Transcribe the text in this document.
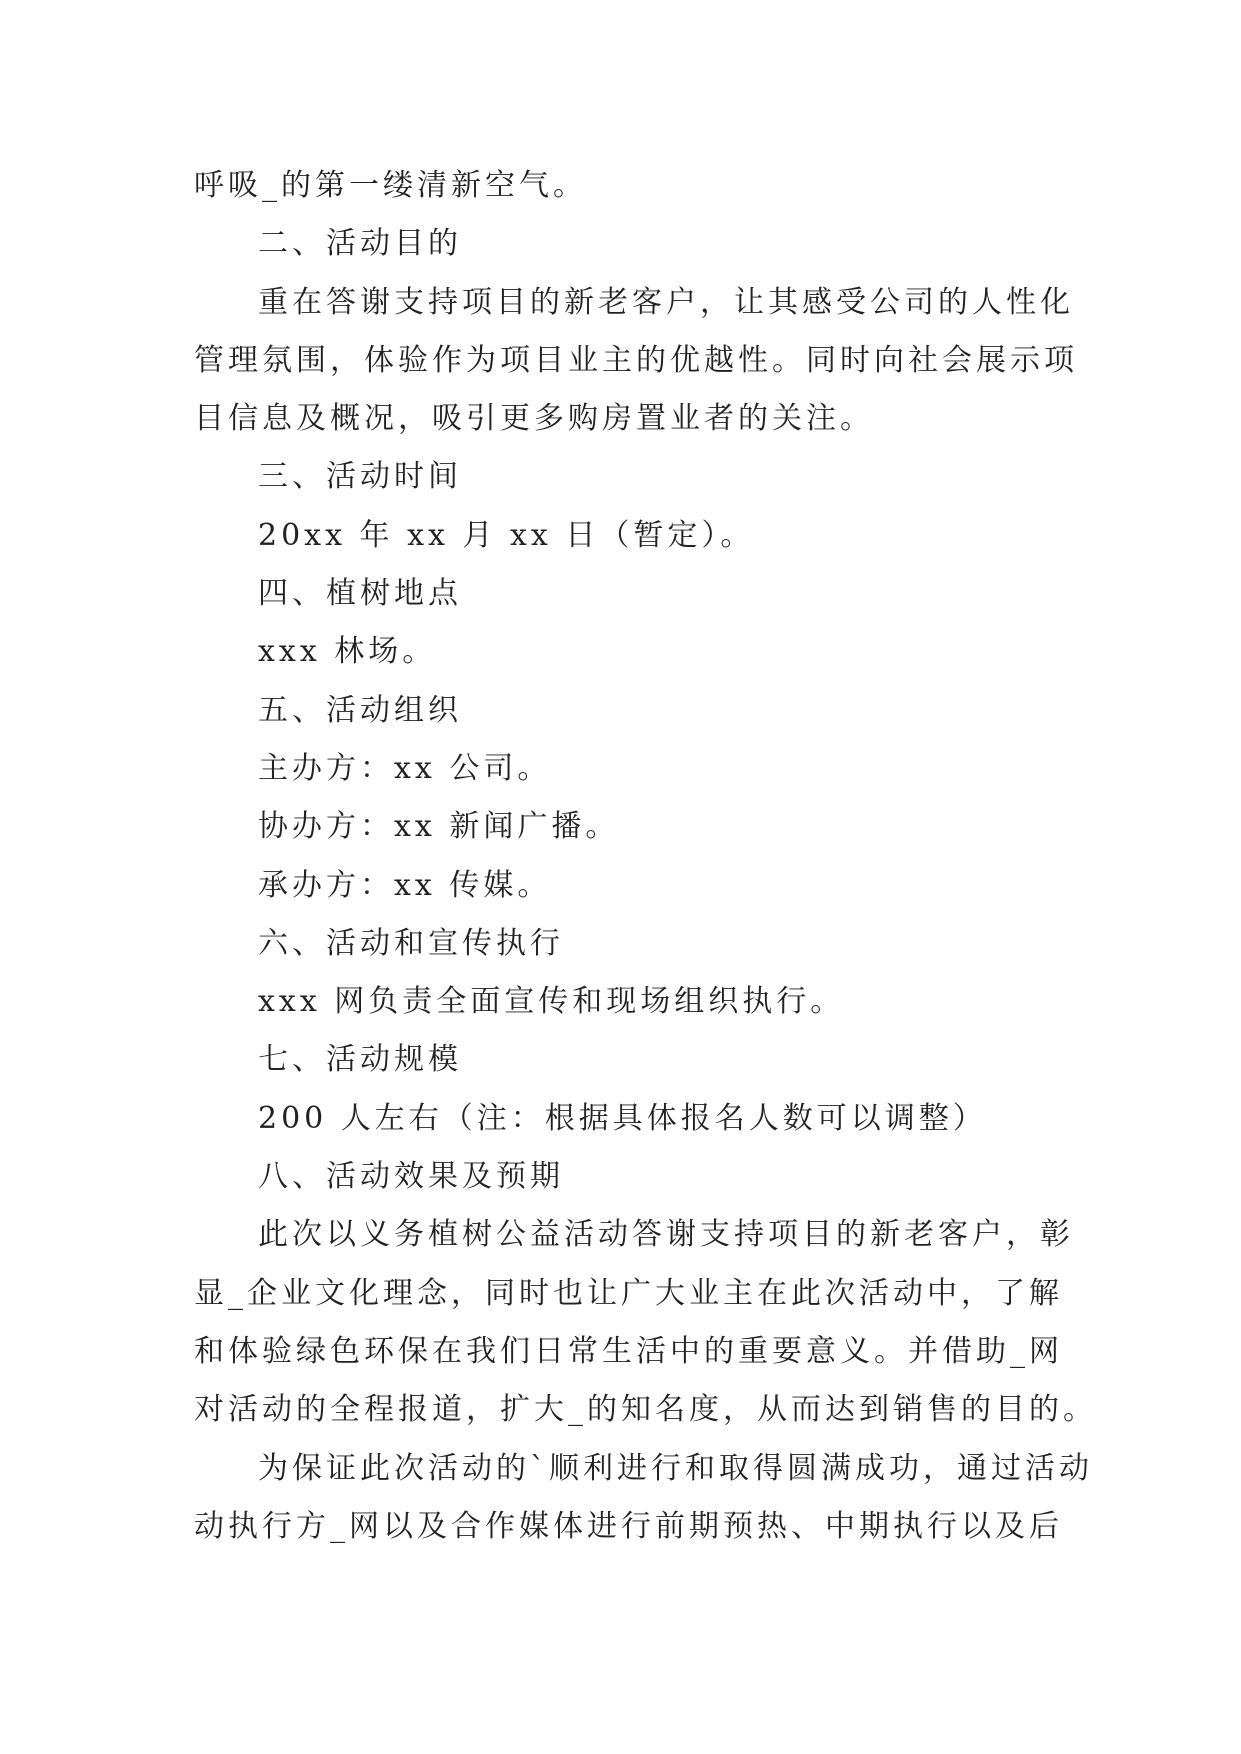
呼吸_的第一缕清新空气。
二、活动目的
重在答谢支持项目的新老客户，让其感受公司的人性化
管理氛围，体验作为项目业主的优越性。同时向社会展示项
目信息及概况，吸引更多购房置业者的关注。
三、活动时间
20xx 年 xx 月 xx 日（暂定）。
四、植树地点
xxx 林场。
五、活动组织
主办方：xx 公司。
协办方：xx 新闻广播。
承办方：xx 传媒。
六、活动和宣传执行
xxx 网负责全面宣传和现场组织执行。
七、活动规模
200 人左右（注：根据具体报名人数可以调整）
八、活动效果及预期
此次以义务植树公益活动答谢支持项目的新老客户，彰
显_企业文化理念，同时也让广大业主在此次活动中，了解
和体验绿色环保在我们日常生活中的重要意义。并借助_网
对活动的全程报道，扩大_的知名度，从而达到销售的目的。
为保证此次活动的`顺利进行和取得圆满成功，通过活动
动执行方_网以及合作媒体进行前期预热、中期执行以及后
